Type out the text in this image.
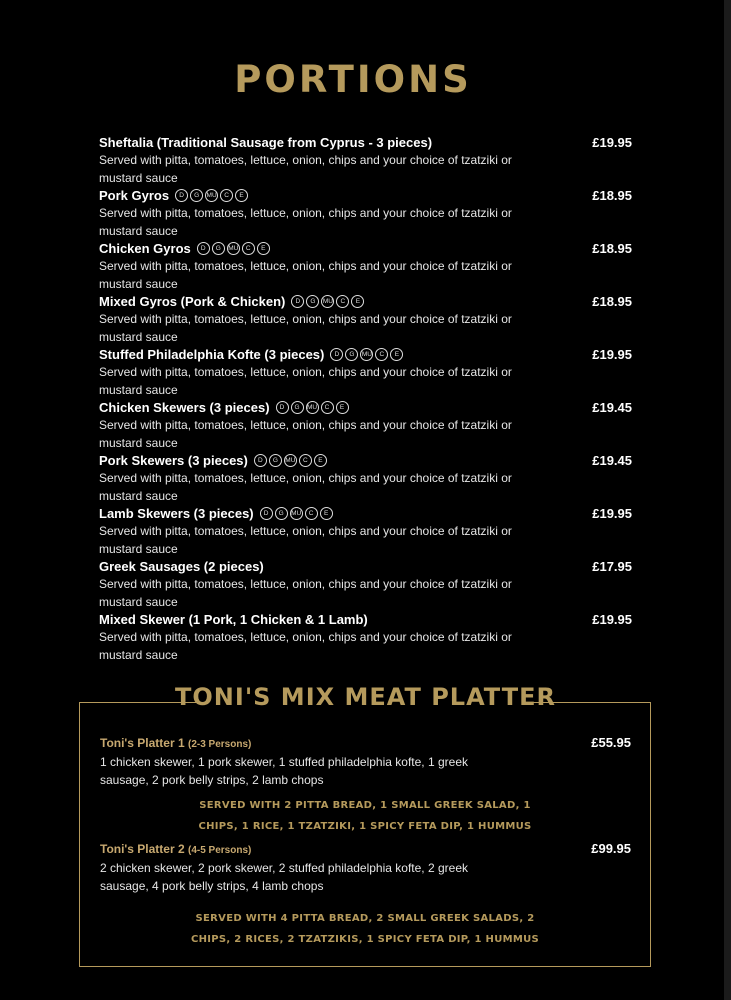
PORTIONS
Sheftalia (Traditional Sausage from Cyprus - 3 pieces)	£19.95
Served with pitta, tomatoes, lettuce, onion, chips and your choice of tzatziki or mustard sauce
Pork Gyros	D	G	MU	C	E	£18.95
Served with pitta, tomatoes, lettuce, onion, chips and your choice of tzatziki or mustard sauce
Chicken Gyros	D	G	MU	C	E	£18.95
Served with pitta, tomatoes, lettuce, onion, chips and your choice of tzatziki or mustard sauce
Mixed Gyros (Pork & Chicken)	D	G	MU	C	E	£18.95
Served with pitta, tomatoes, lettuce, onion, chips and your choice of tzatziki or mustard sauce
Stuffed Philadelphia Kofte (3 pieces)	D	G	MU	C	E	£19.95
Served with pitta, tomatoes, lettuce, onion, chips and your choice of tzatziki or mustard sauce
Chicken Skewers (3 pieces)	D	G	MU	C	E	£19.45
Served with pitta, tomatoes, lettuce, onion, chips and your choice of tzatziki or mustard sauce
Pork Skewers (3 pieces)	D	G	MU	C	E	£19.45
Served with pitta, tomatoes, lettuce, onion, chips and your choice of tzatziki or mustard sauce
Lamb Skewers (3 pieces)	D	G	MU	C	E	£19.95
Served with pitta, tomatoes, lettuce, onion, chips and your choice of tzatziki or mustard sauce
Greek Sausages (2 pieces)	£17.95
Served with pitta, tomatoes, lettuce, onion, chips and your choice of tzatziki or mustard sauce
Mixed Skewer (1 Pork, 1 Chicken & 1 Lamb)	£19.95
Served with pitta, tomatoes, lettuce, onion, chips and your choice of tzatziki or mustard sauce
TONI'S MIX MEAT PLATTER
Toni's Platter 1 (2-3 Persons)	£55.95
1 chicken skewer, 1 pork skewer, 1 stuffed philadelphia kofte, 1 greek sausage, 2 pork belly strips, 2 lamb chops
SERVED WITH 2 PITTA BREAD, 1 SMALL GREEK SALAD, 1 CHIPS, 1 RICE, 1 TZATZIKI, 1 SPICY FETA DIP, 1 HUMMUS
Toni's Platter 2 (4-5 Persons)	£99.95
2 chicken skewer, 2 pork skewer, 2 stuffed philadelphia kofte, 2 greek sausage, 4 pork belly strips, 4 lamb chops
SERVED WITH 4 PITTA BREAD, 2 SMALL GREEK SALADS, 2 CHIPS, 2 RICES, 2 TZATZIKIS, 1 SPICY FETA DIP, 1 HUMMUS
